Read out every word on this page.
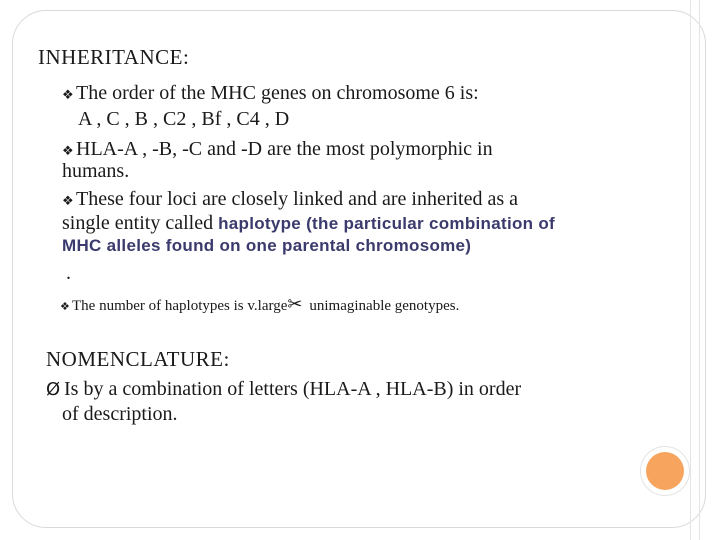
INHERITANCE:
❖ The order of the MHC genes on chromosome 6 is:
A , C , B , C2 , Bf , C4 , D
❖ HLA-A , -B, -C and -D are the most polymorphic in
humans.
❖ These four loci are closely linked and are inherited as a
single entity called haplotype (the particular combination of
MHC alleles found on one parental chromosome)
.
❖ The number of haplotypes is v.large✂ unimaginable genotypes.
NOMENCLATURE:
Ø Is by a combination of letters (HLA-A , HLA-B) in order
of description.
